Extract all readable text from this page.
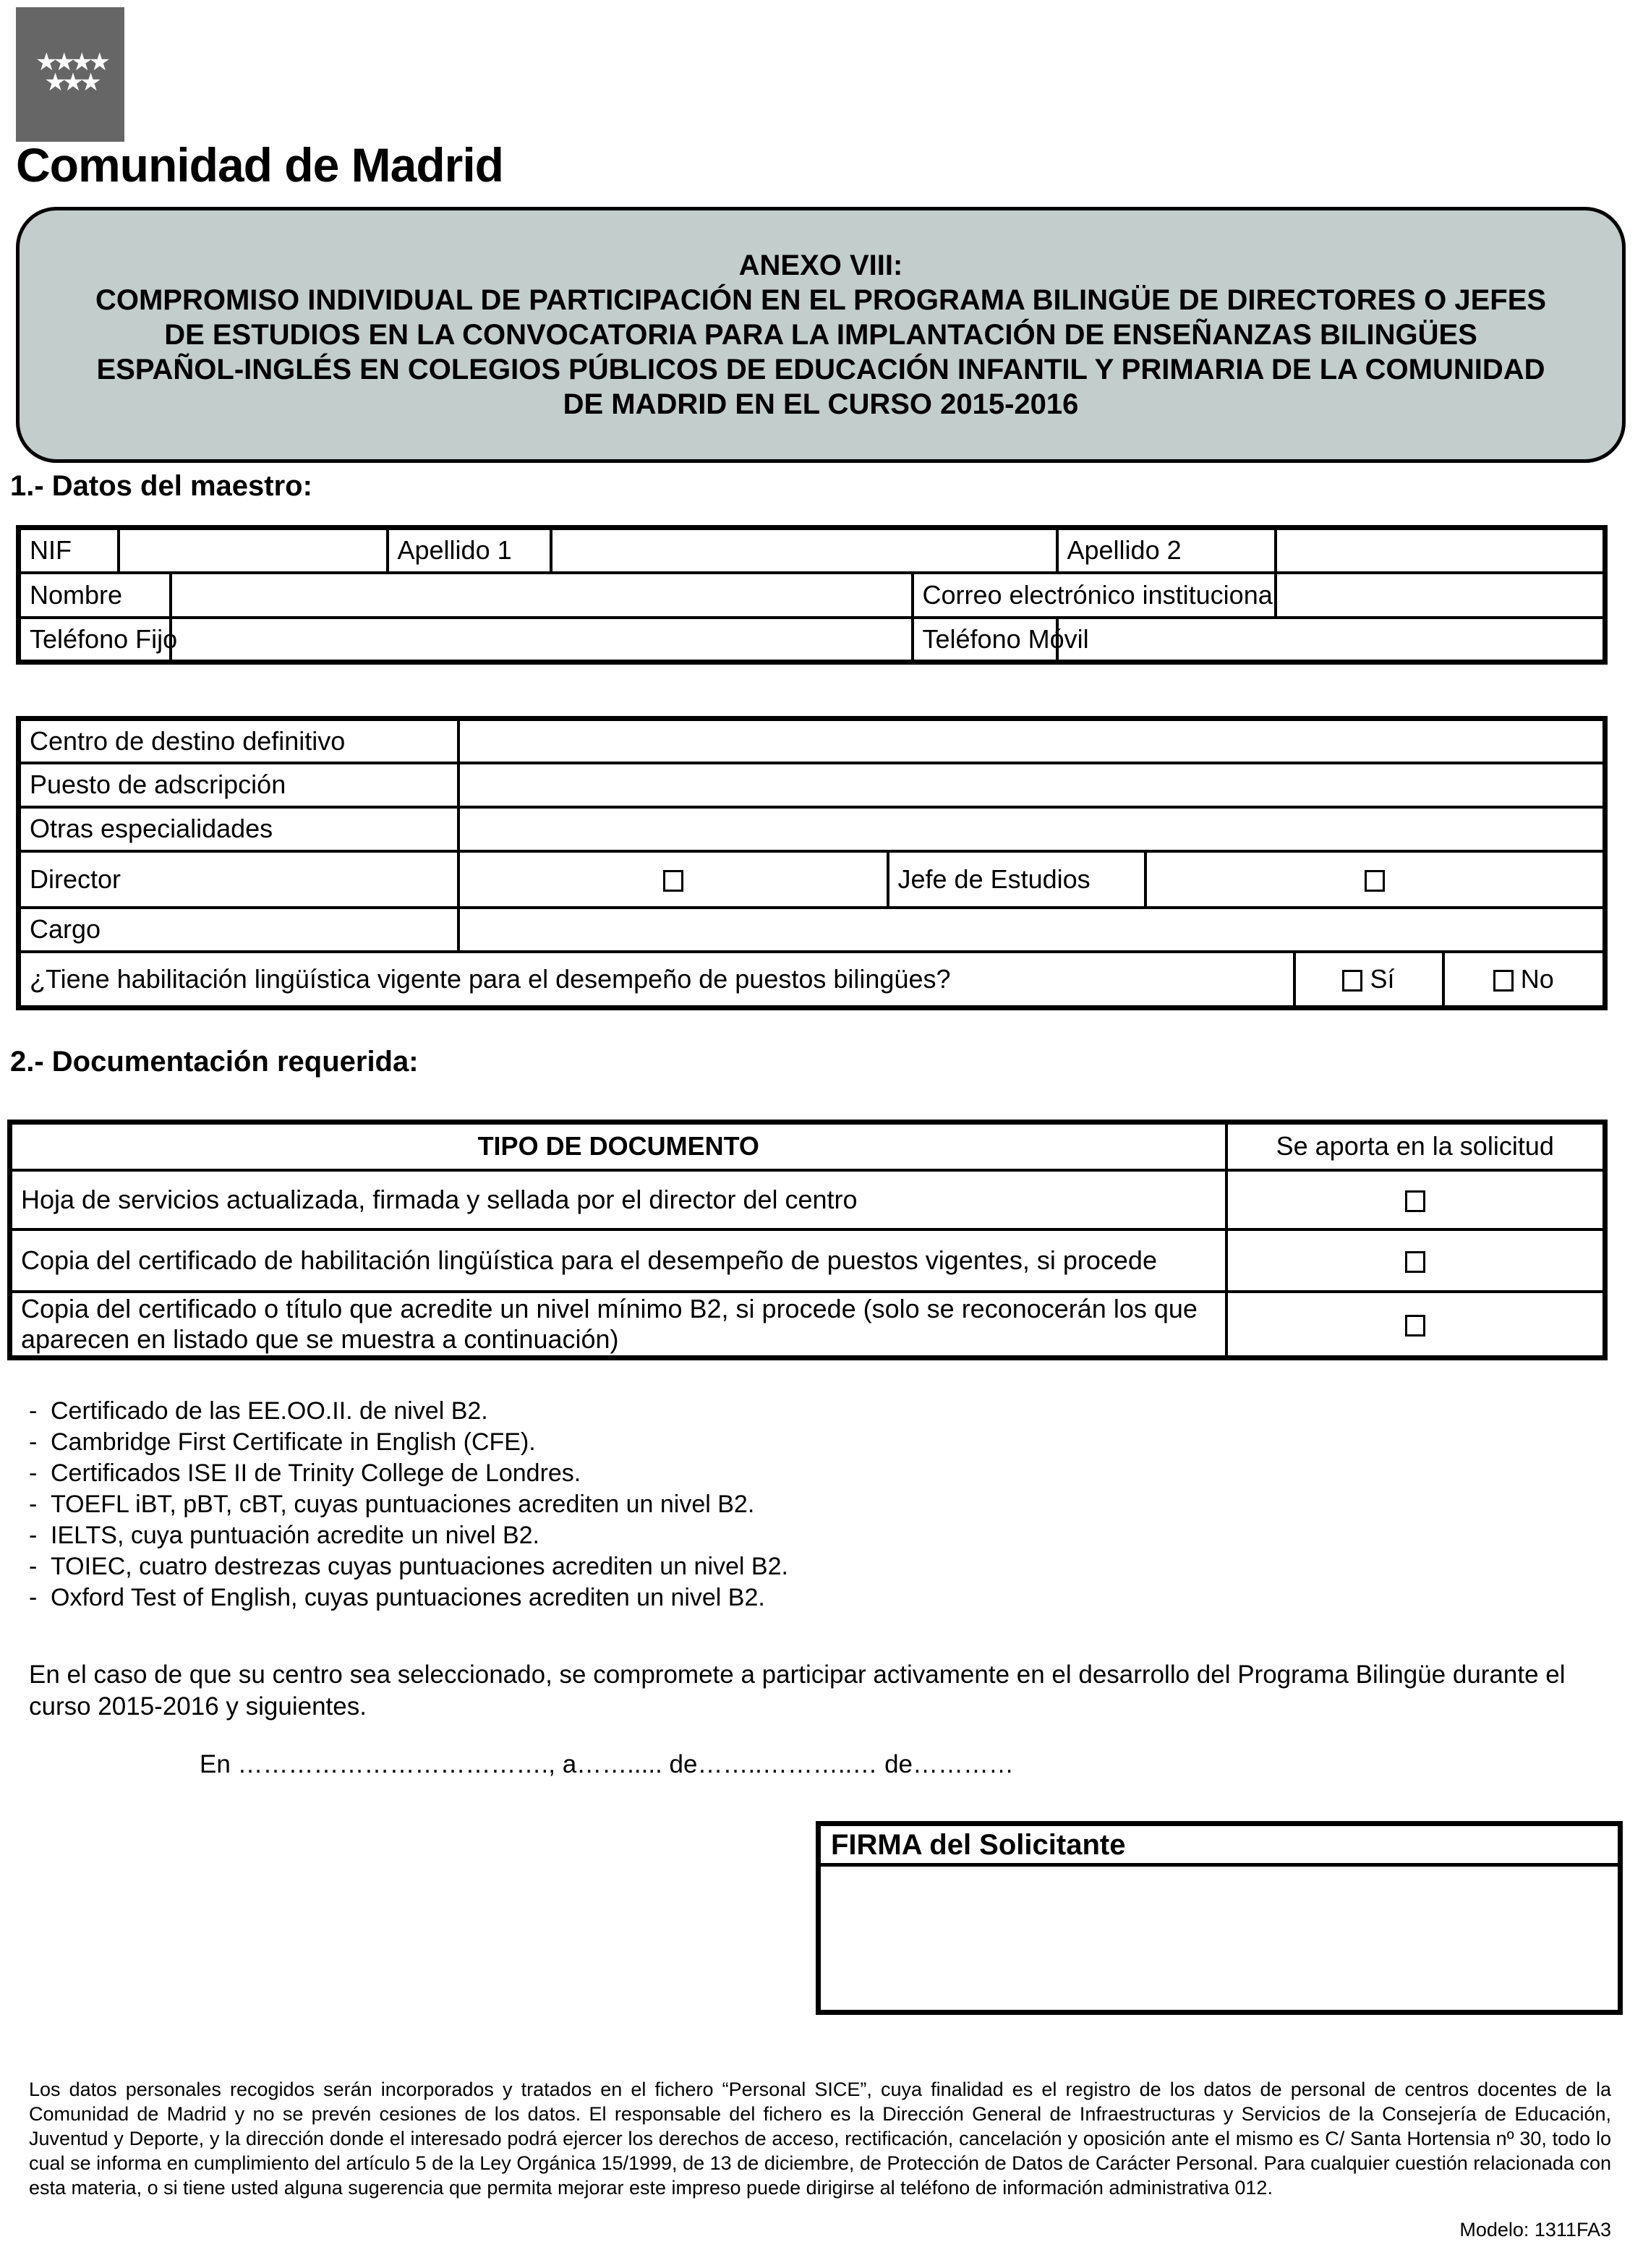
★★★★
★★★
Comunidad de Madrid
ANEXO VIII:
COMPROMISO INDIVIDUAL DE PARTICIPACIÓN EN EL PROGRAMA BILINGÜE DE DIRECTORES O JEFES
DE ESTUDIOS EN LA CONVOCATORIA PARA LA IMPLANTACIÓN DE ENSEÑANZAS BILINGÜES
ESPAÑOL-INGLÉS EN COLEGIOS PÚBLICOS DE EDUCACIÓN INFANTIL Y PRIMARIA DE LA COMUNIDAD
DE MADRID EN EL CURSO 2015-2016
1.- Datos del maestro:
NIF			Apellido 1			Apellido 2	
Nombre					Correo electrónico institucional		
Teléfono Fijo					Teléfono Móvil		
Centro de destino definitivo					
Puesto de adscripción					
Otras especialidades					
Director		Jefe de Estudios			
Cargo					
¿Tiene habilitación lingüística vigente para el desempeño de puestos bilingües?				Sí	No
2.- Documentación requerida:
TIPO DE DOCUMENTO	Se aporta en la solicitud
Hoja de servicios actualizada, firmada y sellada por el director del centro	
Copia del certificado de habilitación lingüística para el desempeño de puestos vigentes, si procede	
Copia del certificado o título que acredite un nivel mínimo B2, si procede (solo se reconocerán los que aparecen en listado que se muestra a continuación)	
- Certificado de las EE.OO.II. de nivel B2.
- Cambridge First Certificate in English (CFE).
- Certificados ISE II de Trinity College de Londres.
- TOEFL iBT, pBT, cBT, cuyas puntuaciones acrediten un nivel B2.
- IELTS, cuya puntuación acredite un nivel B2.
- TOIEC, cuatro destrezas cuyas puntuaciones acrediten un nivel B2.
- Oxford Test of English, cuyas puntuaciones acrediten un nivel B2.
En el caso de que su centro sea seleccionado, se compromete a participar activamente en el desarrollo del Programa Bilingüe durante el curso 2015-2016 y siguientes.
En ………………………………., a……..... de……..………..… de…………
FIRMA del Solicitante
Los datos personales recogidos serán incorporados y tratados en el fichero “Personal SICE”, cuya finalidad es el registro de los datos de personal de centros docentes de la Comunidad de Madrid y no se prevén cesiones de los datos. El responsable del fichero es la Dirección General de Infraestructuras y Servicios de la Consejería de Educación, Juventud y Deporte, y la dirección donde el interesado podrá ejercer los derechos de acceso, rectificación, cancelación y oposición ante el mismo es C/ Santa Hortensia nº 30, todo lo cual se informa en cumplimiento del artículo 5 de la Ley Orgánica 15/1999, de 13 de diciembre, de Protección de Datos de Carácter Personal. Para cualquier cuestión relacionada con esta materia, o si tiene usted alguna sugerencia que permita mejorar este impreso puede dirigirse al teléfono de información administrativa 012.
Modelo: 1311FA3
